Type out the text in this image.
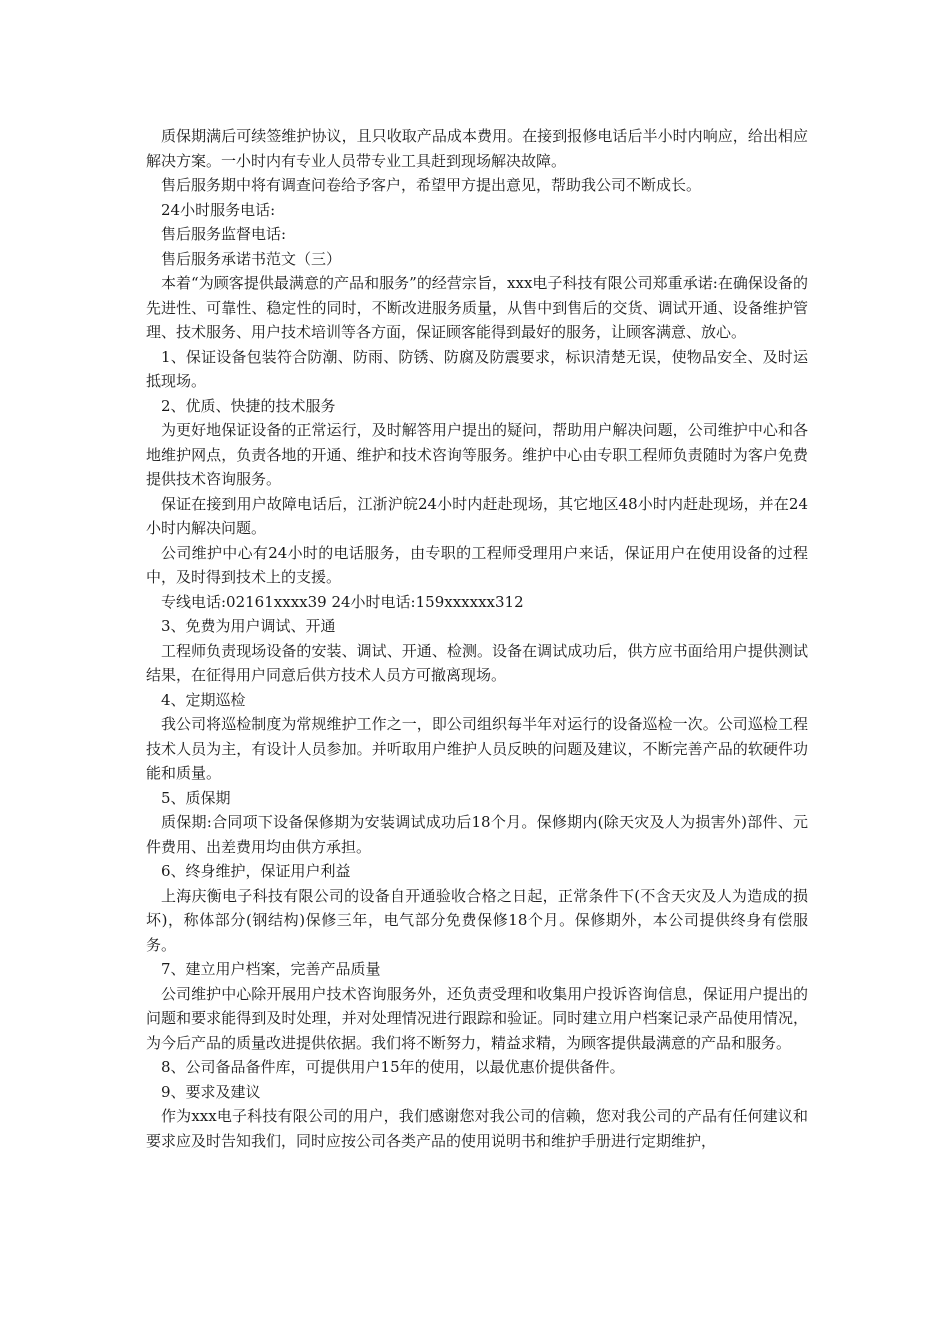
质保期满后可续签维护协议，且只收取产品成本费用。在接到报修电话后半小时内响应，给出相应解决方案。一小时内有专业人员带专业工具赶到现场解决故障。

售后服务期中将有调查问卷给予客户，希望甲方提出意见，帮助我公司不断成长。

24小时服务电话:

售后服务监督电话:

售后服务承诺书范文（三）

本着“为顾客提供最满意的产品和服务”的经营宗旨，xxx电子科技有限公司郑重承诺:在确保设备的先进性、可靠性、稳定性的同时，不断改进服务质量，从售中到售后的交货、调试开通、设备维护管理、技术服务、用户技术培训等各方面，保证顾客能得到最好的服务，让顾客满意、放心。

1、保证设备包装符合防潮、防雨、防锈、防腐及防震要求，标识清楚无误，使物品安全、及时运抵现场。

2、优质、快捷的技术服务

为更好地保证设备的正常运行，及时解答用户提出的疑问，帮助用户解决问题，公司维护中心和各地维护网点，负责各地的开通、维护和技术咨询等服务。维护中心由专职工程师负责随时为客户免费提供技术咨询服务。

保证在接到用户故障电话后，江浙沪皖24小时内赶赴现场，其它地区48小时内赶赴现场，并在24小时内解决问题。

公司维护中心有24小时的电话服务，由专职的工程师受理用户来话，保证用户在使用设备的过程中，及时得到技术上的支援。

专线电话:02161xxxx39 24小时电话:159xxxxxx312

3、免费为用户调试、开通

工程师负责现场设备的安装、调试、开通、检测。设备在调试成功后，供方应书面给用户提供测试结果，在征得用户同意后供方技术人员方可撤离现场。

4、定期巡检

我公司将巡检制度为常规维护工作之一，即公司组织每半年对运行的设备巡检一次。公司巡检工程技术人员为主，有设计人员参加。并听取用户维护人员反映的问题及建议，不断完善产品的软硬件功能和质量。

5、质保期

质保期:合同项下设备保修期为安装调试成功后18个月。保修期内(除天灾及人为损害外)部件、元件费用、出差费用均由供方承担。

6、终身维护，保证用户利益

上海庆衡电子科技有限公司的设备自开通验收合格之日起，正常条件下(不含天灾及人为造成的损坏)，称体部分(钢结构)保修三年，电气部分免费保修18个月。保修期外，本公司提供终身有偿服务。

7、建立用户档案，完善产品质量

公司维护中心除开展用户技术咨询服务外，还负责受理和收集用户投诉咨询信息，保证用户提出的问题和要求能得到及时处理，并对处理情况进行跟踪和验证。同时建立用户档案记录产品使用情况，为今后产品的质量改进提供依据。我们将不断努力，精益求精，为顾客提供最满意的产品和服务。

8、公司备品备件库，可提供用户15年的使用，以最优惠价提供备件。

9、要求及建议

作为xxx电子科技有限公司的用户，我们感谢您对我公司的信赖，您对我公司的产品有任何建议和要求应及时告知我们，同时应按公司各类产品的使用说明书和维护手册进行定期维护，
